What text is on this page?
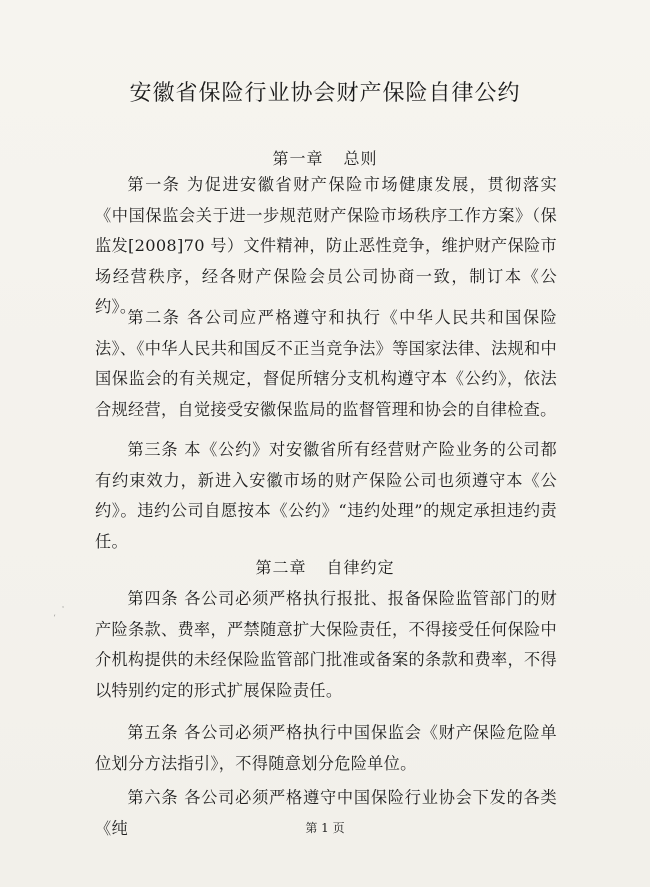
安徽省保险行业协会财产保险自律公约
第一章 总则
第一条 为促进安徽省财产保险市场健康发展，贯彻落实《中国保监会关于进一步规范财产保险市场秩序工作方案》（保监发[2008]70 号）文件精神，防止恶性竞争，维护财产保险市场经营秩序，经各财产保险会员公司协商一致，制订本《公约》。
第二条 各公司应严格遵守和执行《中华人民共和国保险法》、《中华人民共和国反不正当竞争法》等国家法律、法规和中国保监会的有关规定，督促所辖分支机构遵守本《公约》，依法合规经营，自觉接受安徽保监局的监督管理和协会的自律检查。
第三条 本《公约》对安徽省所有经营财产险业务的公司都有约束效力，新进入安徽市场的财产保险公司也须遵守本《公约》。违约公司自愿按本《公约》“违约处理”的规定承担违约责任。
第二章 自律约定
第四条 各公司必须严格执行报批、报备保险监管部门的财产险条款、费率，严禁随意扩大保险责任，不得接受任何保险中介机构提供的未经保险监管部门批准或备案的条款和费率，不得以特别约定的形式扩展保险责任。
第五条 各公司必须严格执行中国保监会《财产保险危险单位划分方法指引》，不得随意划分危险单位。
第六条 各公司必须严格遵守中国保险行业协会下发的各类《纯	第 1 页
·
′
